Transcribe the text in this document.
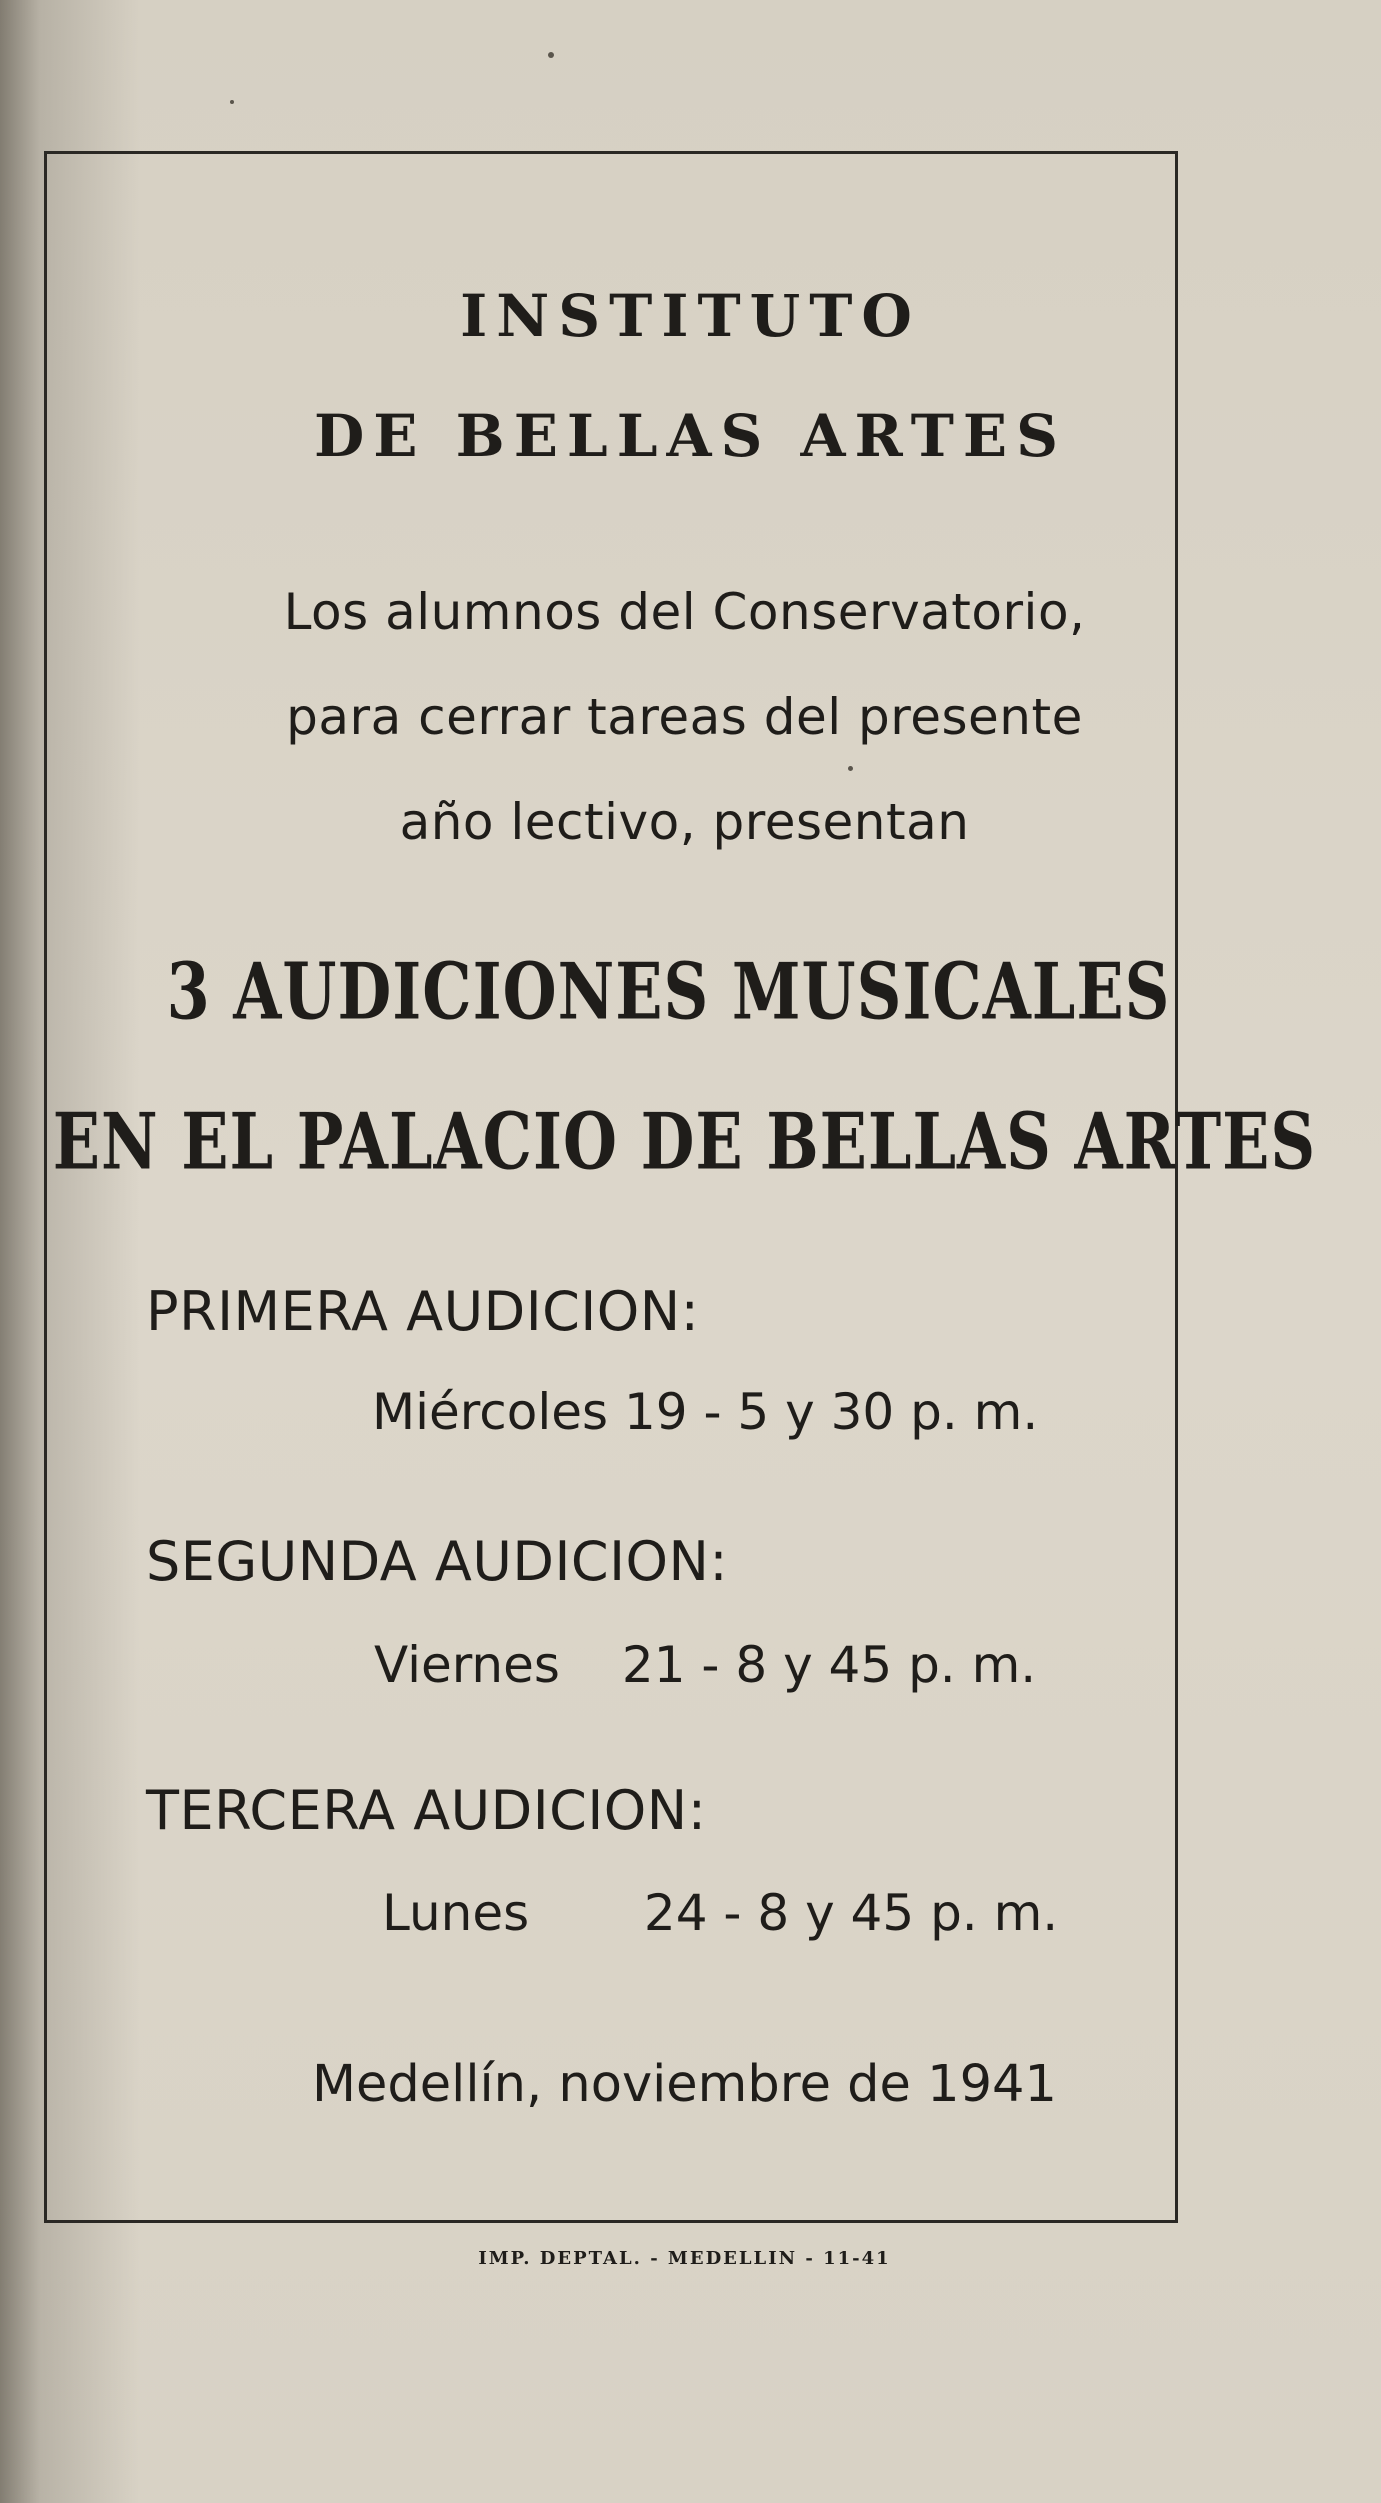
INSTITUTO
DE BELLAS ARTES
Los alumnos del Conservatorio,
para cerrar tareas del presente
año lectivo, presentan
3 AUDICIONES MUSICALES
EN EL PALACIO DE BELLAS ARTES
PRIMERA AUDICION:
Miércoles 19 - 5 y 30 p. m.
SEGUNDA AUDICION:
Viernes 21 - 8 y 45 p. m.
TERCERA AUDICION:
Lunes 24 - 8 y 45 p. m.
Medellín, noviembre de 1941
IMP. DEPTAL. - MEDELLIN - 11-41
